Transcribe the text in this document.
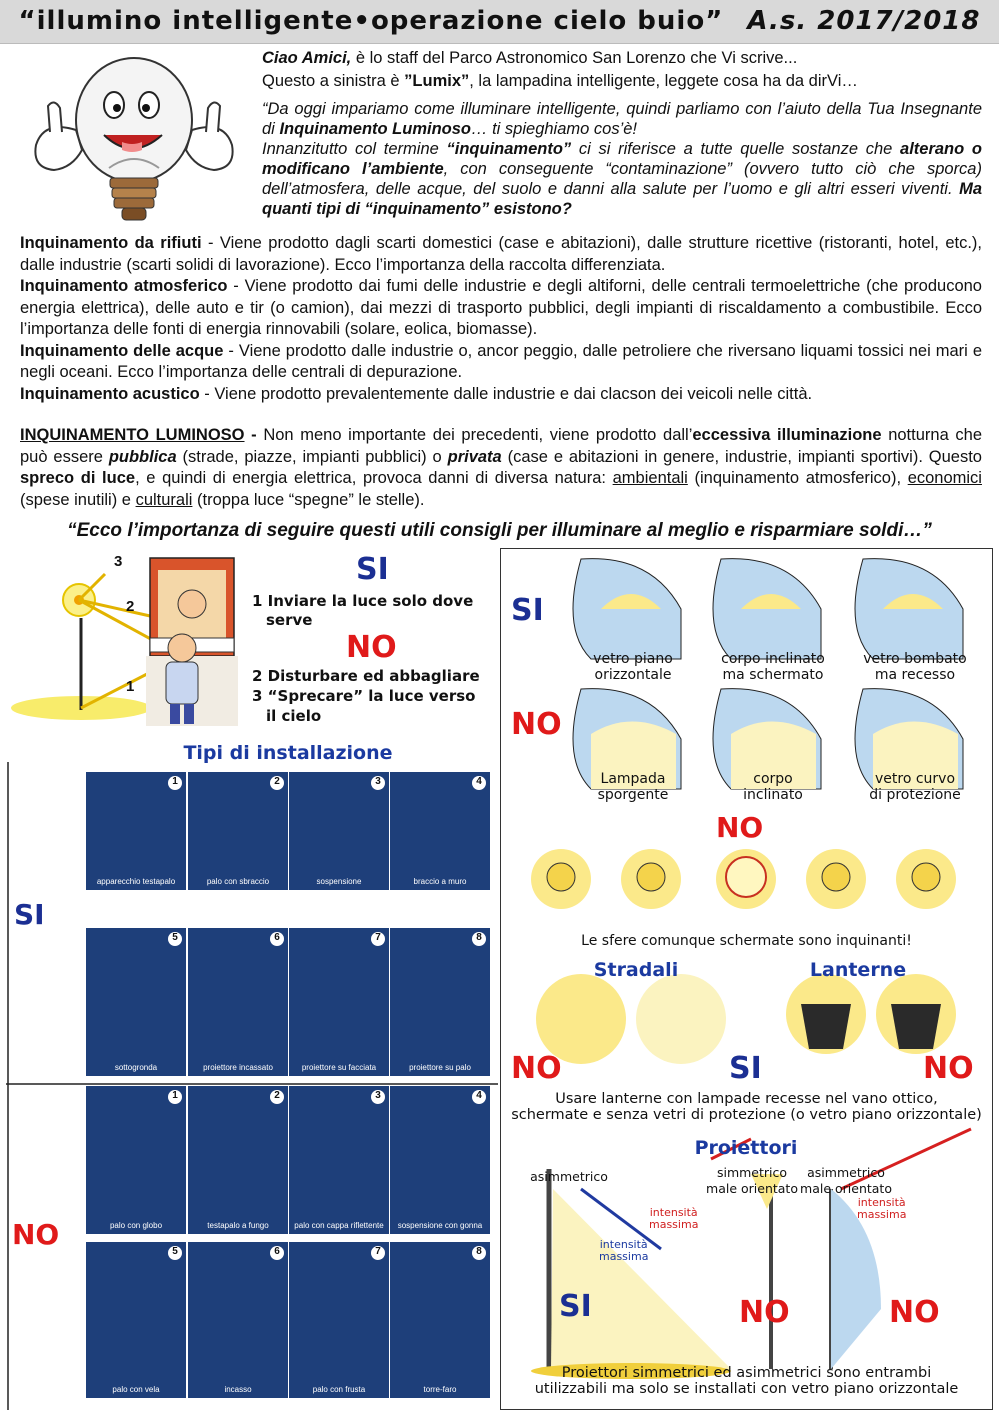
“illumino intelligente•operazione cielo buio” A.s. 2017/2018

Ciao Amici, è lo staff del Parco Astronomico San Lorenzo che Vi scrive...

Questo a sinistra è ”Lumix”, la lampadina intelligente, leggete cosa ha da dirVi…

“Da oggi impariamo come illuminare intelligente, quindi parliamo con l’aiuto della Tua Insegnante di Inquinamento Luminoso… ti spieghiamo cos’è!

Innanzitutto col termine “inquinamento” ci si riferisce a tutte quelle sostanze che alterano o modificano l’ambiente, con conseguente “contaminazione” (ovvero tutto ciò che sporca) dell’atmosfera, delle acque, del suolo e danni alla salute per l’uomo e gli altri esseri viventi. Ma quanti tipi di “inquinamento” esistono?

Inquinamento da rifiuti - Viene prodotto dagli scarti domestici (case e abitazioni), dalle strutture ricettive (ristoranti, hotel, etc.), dalle industrie (scarti solidi di lavorazione). Ecco l’importanza della raccolta differenziata.

Inquinamento atmosferico - Viene prodotto dai fumi delle industrie e degli altiforni, delle centrali termoelettriche (che producono energia elettrica), delle auto e tir (o camion), dai mezzi di trasporto pubblici, degli impianti di riscaldamento a combustibile. Ecco l’importanza delle fonti di energia rinnovabili (solare, eolica, biomasse).

Inquinamento delle acque - Viene prodotto dalle industrie o, ancor peggio, dalle petroliere che riversano liquami tossici nei mari e negli oceani. Ecco l’importanza delle centrali di depurazione.

Inquinamento acustico - Viene prodotto prevalentemente dalle industrie e dai clacson dei veicoli nelle città.

INQUINAMENTO LUMINOSO - Non meno importante dei precedenti, viene prodotto dall’eccessiva illuminazione notturna che può essere pubblica (strade, piazze, impianti pubblici) o privata (case e abitazioni in genere, industrie, impianti sportivi). Questo spreco di luce, e quindi di energia elettrica, provoca danni di diversa natura: ambientali (inquinamento atmosferico), economici (spese inutili) e culturali (troppa luce “spegne” le stelle).
“Ecco l’importanza di seguire questi utili consigli per illuminare al meglio e risparmiare soldi…”
3
2
1
SI
1 Inviare la luce solo dove
serve
NO
2 Disturbare ed abbagliare
3 “Sprecare” la luce verso
il cielo
Tipi di installazione
SI
NO
apparecchio testapalo	palo con sbraccio	sospensione	braccio a muro
sottogronda	proiettore incassato	proiettore su facciata	proiettore su palo
palo con globo	testapalo a fungo	palo con cappa riflettente	sospensione con gonna
palo con vela	incasso	palo con frusta	torre-faro
1	2	3	4
5	6	7	8
1	2	3	4
5	6	7	8
SI
NO
vetro piano
orizzontale
corpo inclinato
ma schermato
vetro bombato
ma recesso
Lampada
sporgente
corpo
inclinato
vetro curvo
di protezione
NO
Le sfere comunque schermate sono inquinanti!
Stradali	Lanterne
NO	SI	NO
Usare lanterne con lampade recesse nel vano ottico,
schermate e senza vetri di protezione (o vetro piano orizzontale)
Proiettori
asimmetrico	simmetrico
male orientato
asimmetrico
male orientato
intensità
massima
intensità
massima
intensità
massima
SI	NO	NO
Proiettori simmetrici ed asimmetrici sono entrambi
utilizzabili ma solo se installati con vetro piano orizzontale
